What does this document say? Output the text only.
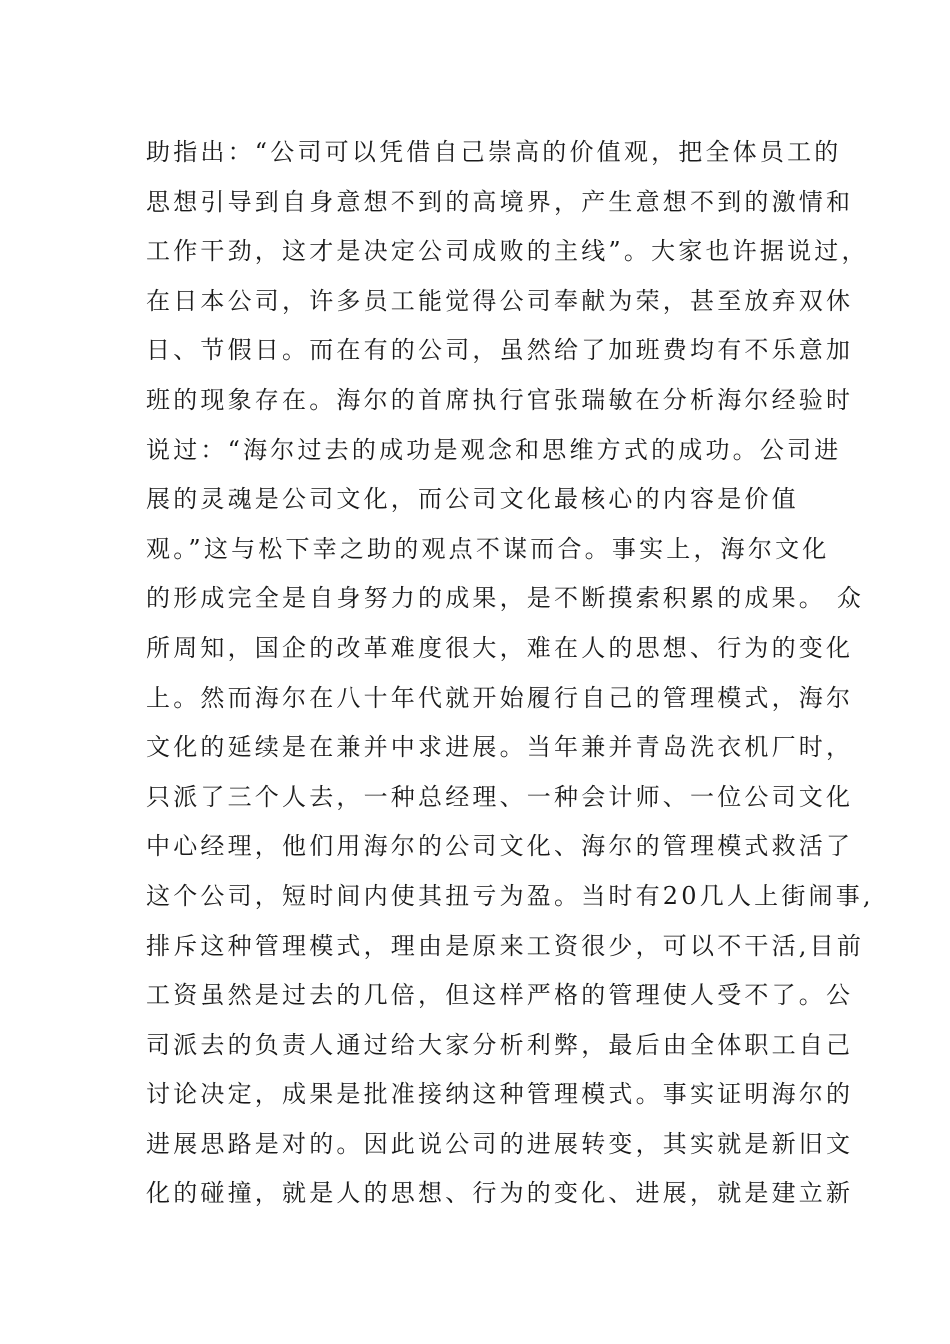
助指出：“公司可以凭借自己崇高的价值观，把全体员工的
思想引导到自身意想不到的高境界，产生意想不到的激情和
工作干劲，这才是决定公司成败的主线”。大家也许据说过，
在日本公司，许多员工能觉得公司奉献为荣，甚至放弃双休
日、节假日。而在有的公司，虽然给了加班费均有不乐意加
班的现象存在。海尔的首席执行官张瑞敏在分析海尔经验时
说过：“海尔过去的成功是观念和思维方式的成功。公司进
展的灵魂是公司文化，而公司文化最核心的内容是价值
观。”这与松下幸之助的观点不谋而合。事实上，海尔文化
的形成完全是自身努力的成果，是不断摸索积累的成果。 众
所周知，国企的改革难度很大，难在人的思想、行为的变化
上。然而海尔在八十年代就开始履行自己的管理模式，海尔
文化的延续是在兼并中求进展。当年兼并青岛洗衣机厂时，
只派了三个人去，一种总经理、一种会计师、一位公司文化
中心经理，他们用海尔的公司文化、海尔的管理模式救活了
这个公司，短时间内使其扭亏为盈。当时有20几人上街闹事,
排斥这种管理模式，理由是原来工资很少，可以不干活,目前
工资虽然是过去的几倍，但这样严格的管理使人受不了。公
司派去的负责人通过给大家分析利弊，最后由全体职工自己
讨论决定，成果是批准接纳这种管理模式。事实证明海尔的
进展思路是对的。因此说公司的进展转变，其实就是新旧文
化的碰撞，就是人的思想、行为的变化、进展，就是建立新
